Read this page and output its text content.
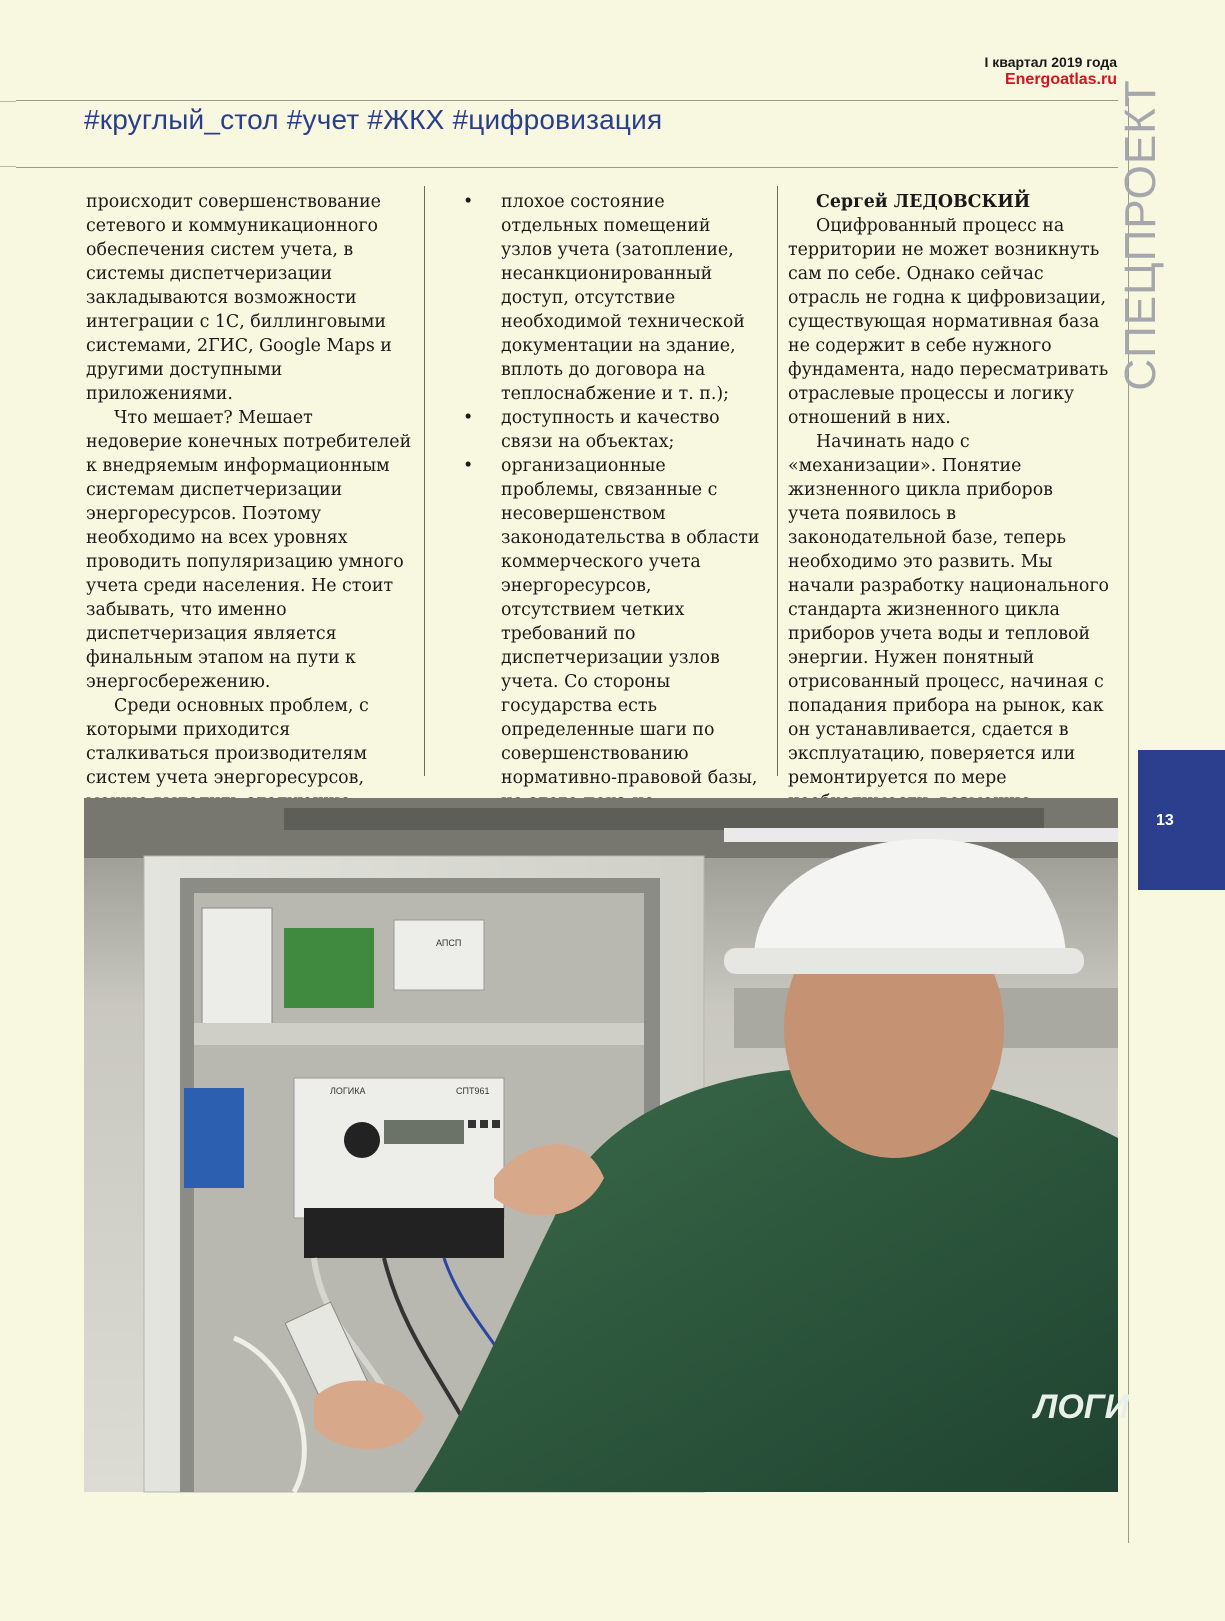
I квартал 2019 года
Energoatlas.ru
#круглый_стол #учет #ЖКХ #цифровизация	СПЕЦПРОЕКТ
13

происходит совершенствование сетевого и коммуникационного обеспечения систем учета, в системы диспетчеризации закладываются возможности интеграции с 1С, биллинговыми системами, 2ГИС, Google Maps и другими доступными приложениями.

Что мешает? Мешает недоверие конечных потребителей к внедряемым информационным системам диспетчеризации энергоресурсов. Поэтому необходимо на всех уровнях проводить популяризацию умного учета среди населения. Не стоит забывать, что именно диспетчеризация является финальным этапом на пути к энергосбережению.

Среди основных проблем, с которыми приходится сталкиваться производителям систем учета энергоресурсов,

• плохое состояние отдельных помещений узлов учета (затопление, несанкционированный доступ, отсутствие необходимой технической документации на здание, вплоть до договора на теплоснабжение и т. п.);
• доступность и качество связи на объектах;
• организационные проблемы, связанные с несовершенством законодательства в области коммерческого учета энергоресурсов, отсутствием четких требований по диспетчеризации узлов учета. Со стороны государства есть определенные шаги по совершенствованию нормативно-правовой базы,

Сергей ЛЕДОВСКИЙ

Оцифрованный процесс на территории не может возникнуть сам по себе. Однако сейчас отрасль не годна к цифровизации, существующая нормативная база не содержит в себе нужного фундамента, надо пересматривать отраслевые процессы и логику отношений в них.

Начинать надо с «механизации». Понятие жизненного цикла приборов учета появилось в законодательной базе, теперь необходимо это развить. Мы начали разработку национального стандарта жизненного цикла приборов учета воды и тепловой энергии. Нужен понятный отрисованный процесс, начиная с попадания прибора на рынок, как он устанавливается, сдается в эксплуатацию, поверяется или ремонтируется по мере

АПСП
ЛОГИКА	СПТ961
ЛОГИ
